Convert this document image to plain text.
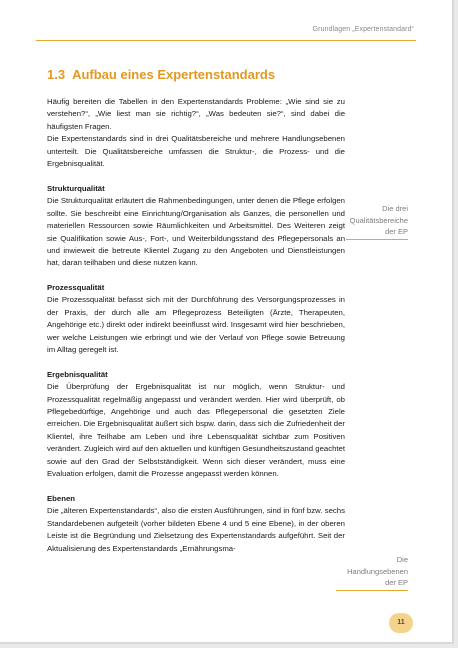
Grundlagen „Expertenstandard“
1.3 Aufbau eines Expertenstandards

Häufig bereiten die Tabellen in den Expertenstandards Probleme: „Wie sind sie zu verstehen?“, „Wie liest man sie richtig?“, „Was bedeuten sie?“, sind dabei die häufigsten Fragen.

Die Expertenstandards sind in drei Qualitätsbereiche und mehrere Handlungsebenen unterteilt. Die Qualitätsbereiche umfassen die Struktur-, die Prozess- und die Ergebnisqualität.

Strukturqualität

Die Strukturqualität erläutert die Rahmenbedingungen, unter denen die Pflege erfolgen sollte. Sie beschreibt eine Einrichtung/Organisation als Ganzes, die personellen und materiellen Ressourcen sowie Räumlichkeiten und Arbeitsmittel. Des Weiteren zeigt sie Qualifikation sowie Aus-, Fort-, und Weiterbildungsstand des Pflegepersonals an und inwieweit die betreute Klientel Zugang zu den Angeboten und Dienstleistungen hat, daran teilhaben und diese nutzen kann.

Prozessqualität

Die Prozessqualität befasst sich mit der Durchführung des Versorgungsprozesses in der Praxis, der durch alle am Pflegeprozess Beteiligten (Ärzte, Therapeuten, Angehörige etc.) direkt oder indirekt beeinflusst wird. Insgesamt wird hier beschrieben, wer welche Leistungen wie erbringt und wie der Verlauf von Pflege sowie Betreuung im Alltag geregelt ist.

Ergebnisqualität

Die Überprüfung der Ergebnisqualität ist nur möglich, wenn Struktur- und Prozessqualität regelmäßig angepasst und verändert werden. Hier wird überprüft, ob Pflegebedürftige, Angehörige und auch das Pflegepersonal die gesetzten Ziele erreichen. Die Ergebnisqualität äußert sich bspw. darin, dass sich die Zufriedenheit der Klientel, ihre Teilhabe am Leben und ihre Lebensqualität sichtbar zum Positiven verändert. Zugleich wird auf den aktuellen und künftigen Gesundheitszustand geachtet sowie auf den Grad der Selbstständigkeit. Wenn sich dieser verändert, muss eine Evaluation erfolgen, damit die Prozesse angepasst werden können.

Ebenen

Die „älteren Expertenstandards“, also die ersten Ausführungen, sind in fünf bzw. sechs Standardebenen aufgeteilt (vorher bildeten Ebene 4 und 5 eine Ebene), in der oberen Leiste ist die Begründung und Zielsetzung des Expertenstandards aufgeführt. Seit der Aktualisierung des Expertenstandards „Ernährungsma-

Die drei Qualitätsbereiche der EP
Die Handlungsebenen der EP
11
